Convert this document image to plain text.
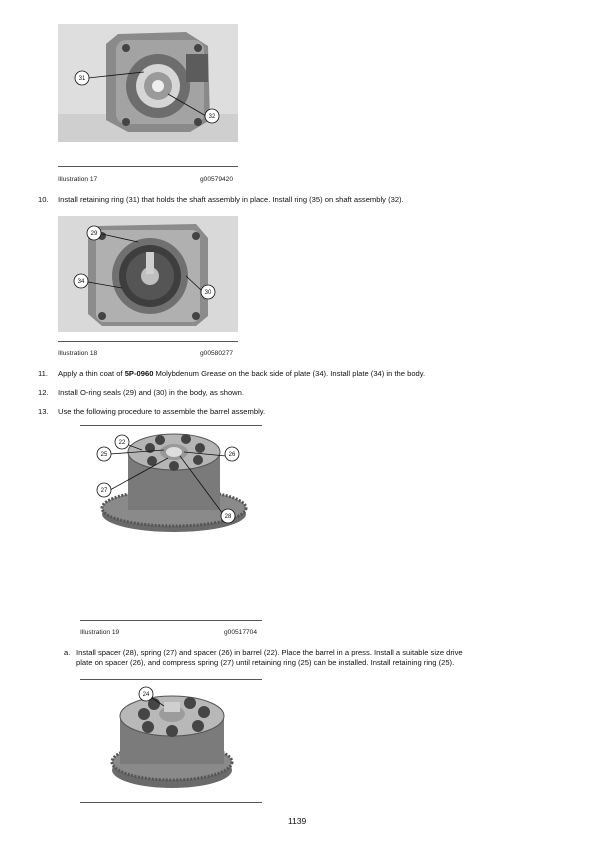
31
32
Illustration 17	g00579420
10. Install retaining ring (31) that holds the shaft assembly in place. Install ring (35) on shaft assembly (32).
29
34
30
Illustration 18	g00580277
11. Apply a thin coat of 5P-0960 Molybdenum Grease on the back side of plate (34). Install plate (34) in the body.
12. Install O-ring seals (29) and (30) in the body, as shown.
13. Use the following procedure to assemble the barrel assembly.
22
25	26
27
28
Illustration 19	g00517704
a. Install spacer (28), spring (27) and spacer (26) in barrel (22). Place the barrel in a press. Install a suitable size drive
plate on spacer (26), and compress spring (27) until retaining ring (25) can be installed. Install retaining ring (25).
24
1139
